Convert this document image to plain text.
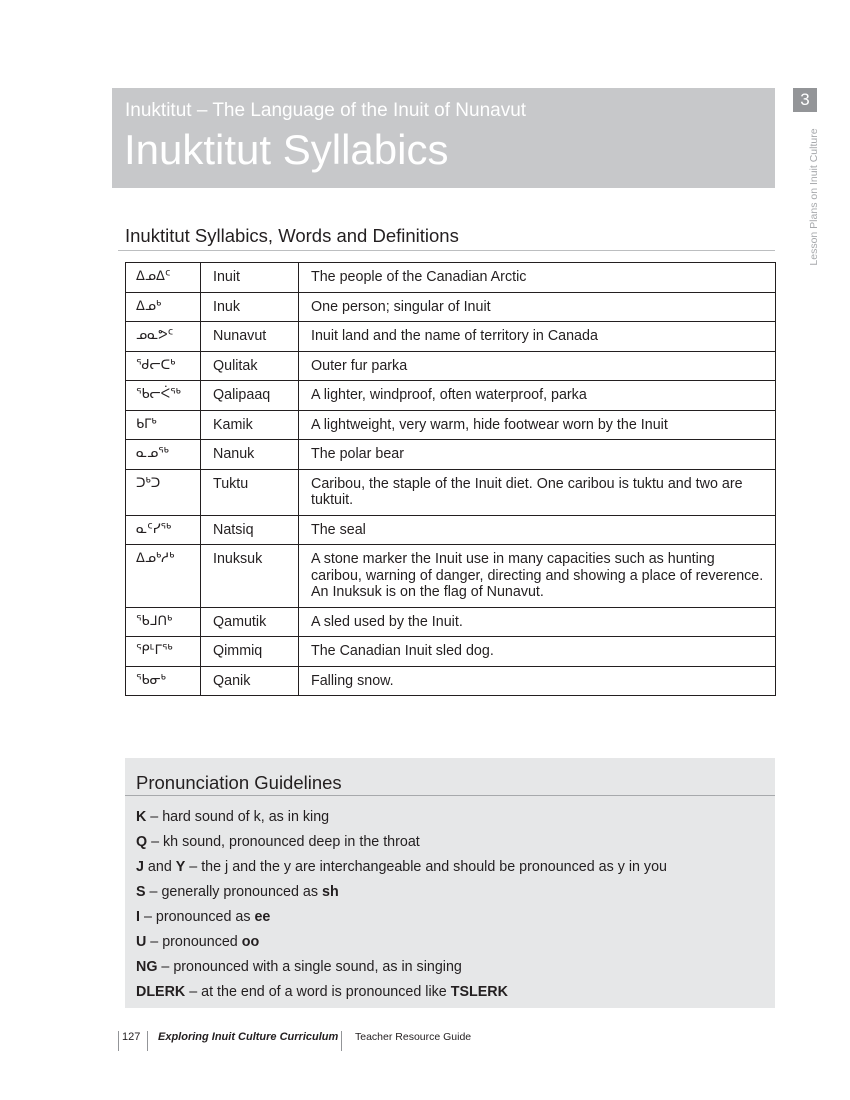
Inuktitut – The Language of the Inuit of Nunavut
Inuktitut Syllabics
3
Lesson Plans on Inuit Culture
Inuktitut Syllabics, Words and Definitions
ᐃᓄᐃᑦ	Inuit	The people of the Canadian Arctic
ᐃᓄᒃ	Inuk	One person; singular of Inuit
ᓄᓇᕗᑦ	Nunavut	Inuit land and the name of territory in Canada
ᖁᓕᑕᒃ	Qulitak	Outer fur parka
ᖃᓕᐹᖅ	Qalipaaq	A lighter, windproof, often waterproof, parka
ᑲᒥᒃ	Kamik	A lightweight, very warm, hide footwear worn by the Inuit
ᓇᓄᖅ	Nanuk	The polar bear
ᑐᒃᑐ	Tuktu	Caribou, the staple of the Inuit diet. One caribou is tuktu and two are tuktuit.
ᓇᑦᓯᖅ	Natsiq	The seal
ᐃᓄᒃᓱᒃ	Inuksuk	A stone marker the Inuit use in many capacities such as hunting caribou, warning of danger, directing and showing a place of reverence. An Inuksuk is on the flag of Nunavut.
ᖃᒧᑎᒃ	Qamutik	A sled used by the Inuit.
ᕿᒻᒥᖅ	Qimmiq	The Canadian Inuit sled dog.
ᖃᓂᒃ	Qanik	Falling snow.
Pronunciation Guidelines
K – hard sound of k, as in king
Q – kh sound, pronounced deep in the throat
J and Y – the j and the y are interchangeable and should be pronounced as y in you
S – generally pronounced as sh
I – pronounced as ee
U – pronounced oo
NG – pronounced with a single sound, as in singing
DLERK – at the end of a word is pronounced like TSLERK
127 Exploring Inuit Culture Curriculum Teacher Resource Guide
